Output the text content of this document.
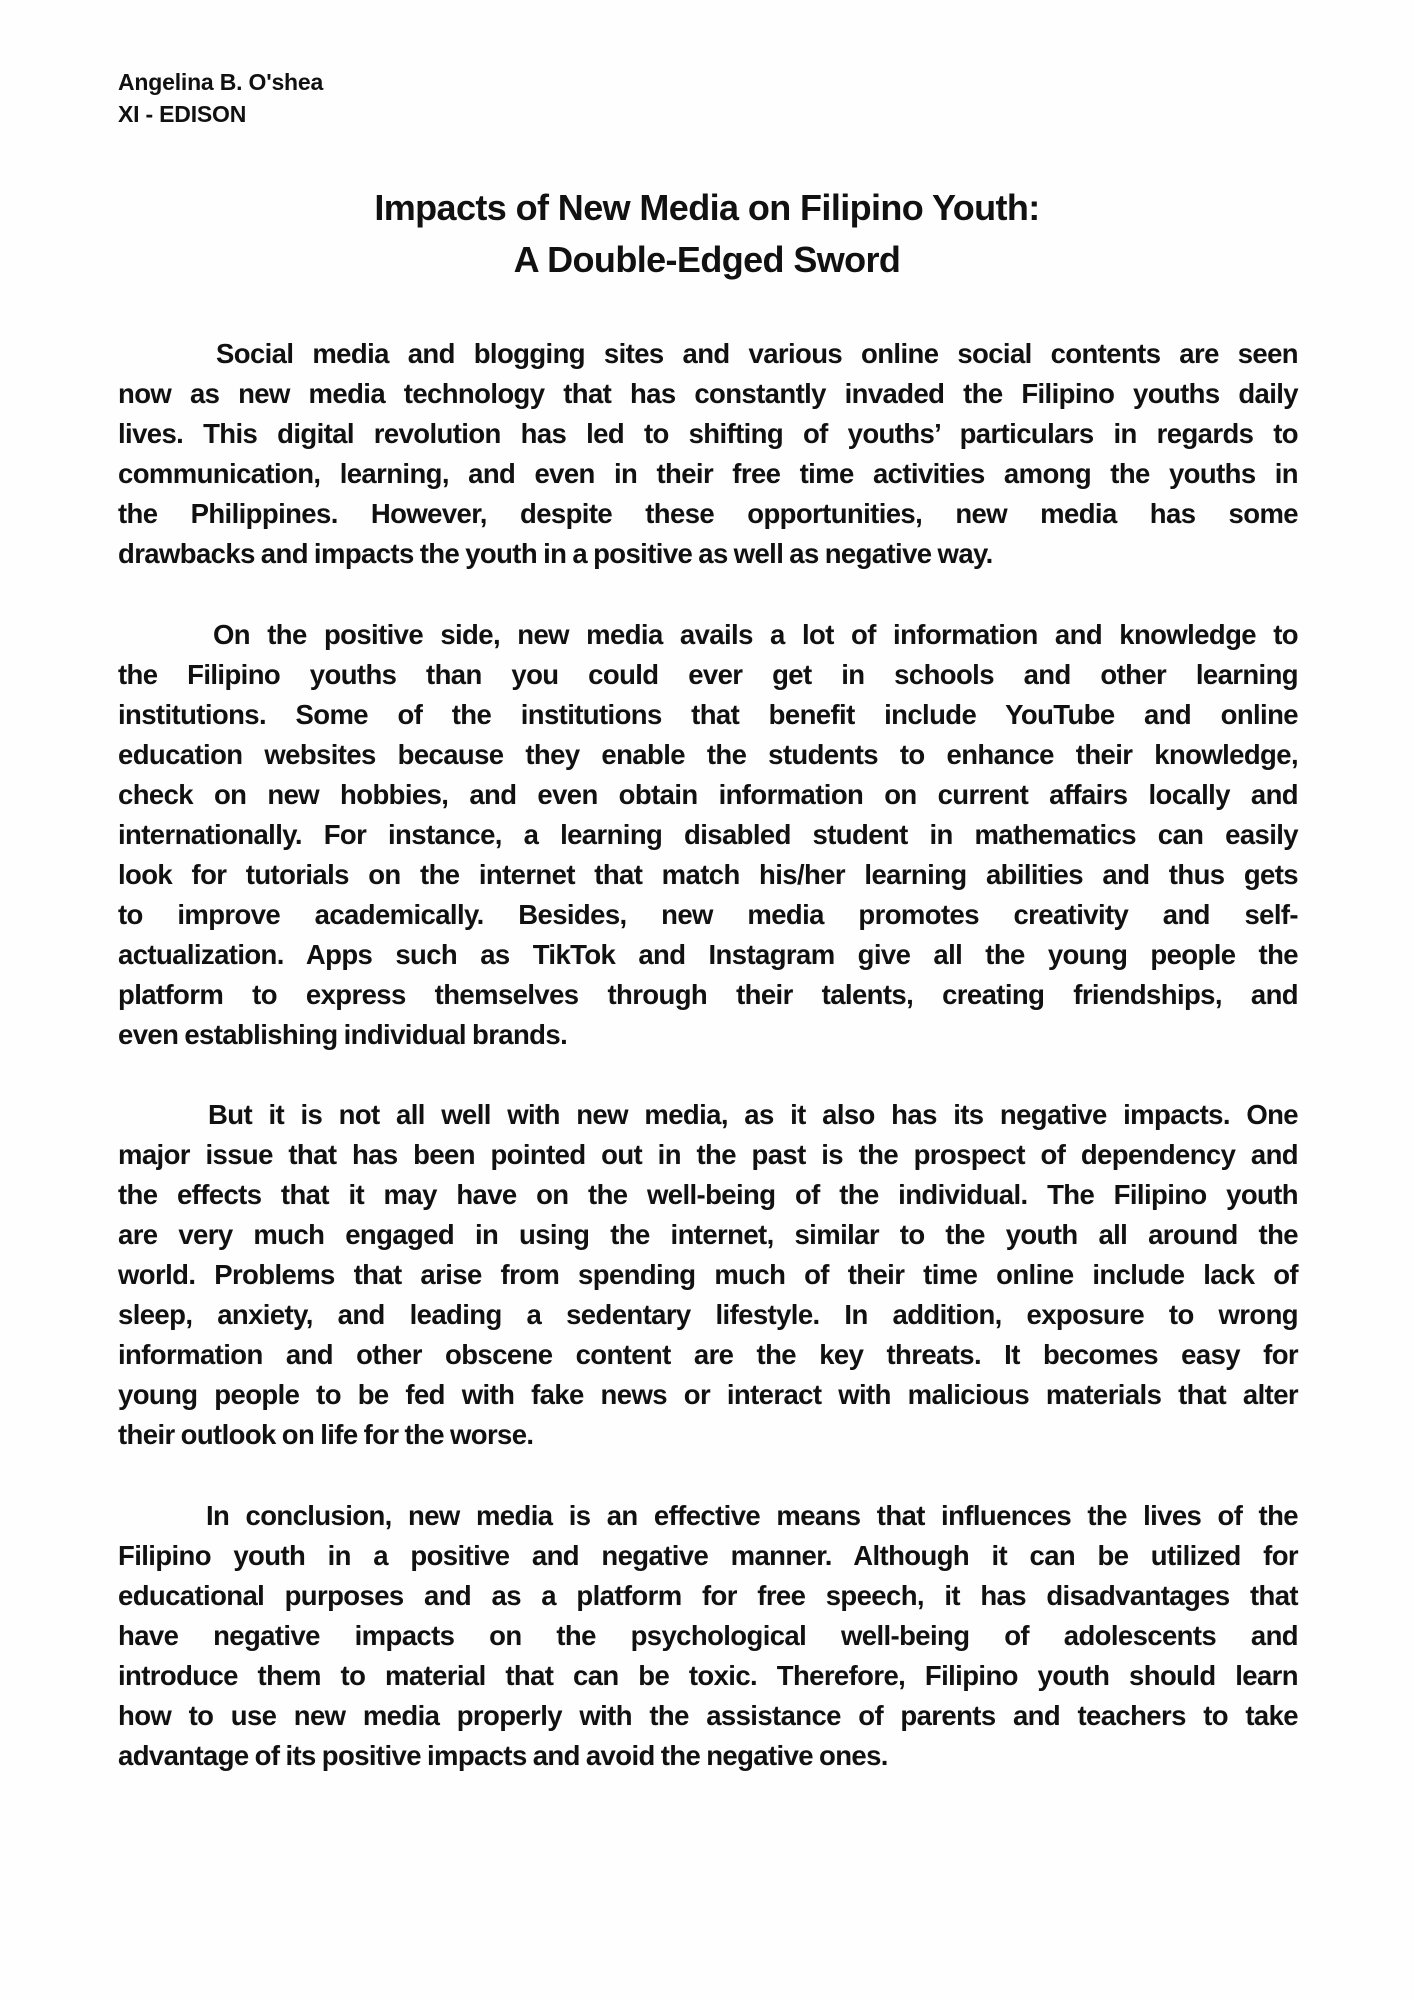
Angelina B. O'shea
XI - EDISON
Impacts of New Media on Filipino Youth:
A Double-Edged Sword
Social media and blogging sites and various online social contents are seen
now as new media technology that has constantly invaded the Filipino youths daily
lives. This digital revolution has led to shifting of youths’ particulars in regards to
communication, learning, and even in their free time activities among the youths in
the Philippines. However, despite these opportunities, new media has some
drawbacks and impacts the youth in a positive as well as negative way.
On the positive side, new media avails a lot of information and knowledge to
the Filipino youths than you could ever get in schools and other learning
institutions. Some of the institutions that benefit include YouTube and online
education websites because they enable the students to enhance their knowledge,
check on new hobbies, and even obtain information on current affairs locally and
internationally. For instance, a learning disabled student in mathematics can easily
look for tutorials on the internet that match his/her learning abilities and thus gets
to improve academically. Besides, new media promotes creativity and self-
actualization. Apps such as TikTok and Instagram give all the young people the
platform to express themselves through their talents, creating friendships, and
even establishing individual brands.
But it is not all well with new media, as it also has its negative impacts. One
major issue that has been pointed out in the past is the prospect of dependency and
the effects that it may have on the well-being of the individual. The Filipino youth
are very much engaged in using the internet, similar to the youth all around the
world. Problems that arise from spending much of their time online include lack of
sleep, anxiety, and leading a sedentary lifestyle. In addition, exposure to wrong
information and other obscene content are the key threats. It becomes easy for
young people to be fed with fake news or interact with malicious materials that alter
their outlook on life for the worse.
In conclusion, new media is an effective means that influences the lives of the
Filipino youth in a positive and negative manner. Although it can be utilized for
educational purposes and as a platform for free speech, it has disadvantages that
have negative impacts on the psychological well-being of adolescents and
introduce them to material that can be toxic. Therefore, Filipino youth should learn
how to use new media properly with the assistance of parents and teachers to take
advantage of its positive impacts and avoid the negative ones.
